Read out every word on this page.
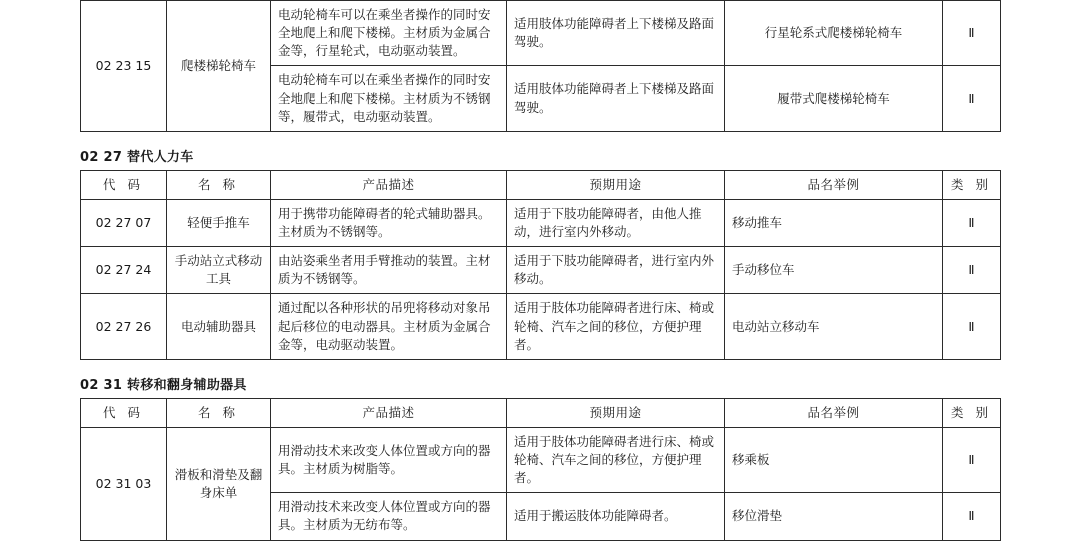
02 23 15	爬楼梯轮椅车	电动轮椅车可以在乘坐者操作的同时安全地爬上和爬下楼梯。主材质为金属合金等，行星轮式，电动驱动装置。	适用肢体功能障碍者上下楼梯及路面驾驶。	行星轮系式爬楼梯轮椅车	Ⅱ
		电动轮椅车可以在乘坐者操作的同时安全地爬上和爬下楼梯。主材质为不锈钢等，履带式，电动驱动装置。	适用肢体功能障碍者上下楼梯及路面驾驶。	履带式爬楼梯轮椅车	Ⅱ
02 27 替代人力车
代 码	名 称	产品描述	预期用途	品名举例	类 别
02 27 07	轻便手推车	用于携带功能障碍者的轮式辅助器具。主材质为不锈钢等。	适用于下肢功能障碍者，由他人推动，进行室内外移动。	移动推车	Ⅱ
02 27 24	手动站立式移动工具	由站姿乘坐者用手臂推动的装置。主材质为不锈钢等。	适用于下肢功能障碍者，进行室内外移动。	手动移位车	Ⅱ
02 27 26	电动辅助器具	通过配以各种形状的吊兜将移动对象吊起后移位的电动器具。主材质为金属合金等，电动驱动装置。	适用于肢体功能障碍者进行床、椅或轮椅、汽车之间的移位，方便护理者。	电动站立移动车	Ⅱ
02 31 转移和翻身辅助器具
代 码	名 称	产品描述	预期用途	品名举例	类 别
02 31 03	滑板和滑垫及翻身床单	用滑动技术来改变人体位置或方向的器具。主材质为树脂等。	适用于肢体功能障碍者进行床、椅或轮椅、汽车之间的移位，方便护理者。	移乘板	Ⅱ
		用滑动技术来改变人体位置或方向的器具。主材质为无纺布等。	适用于搬运肢体功能障碍者。	移位滑垫	Ⅱ
